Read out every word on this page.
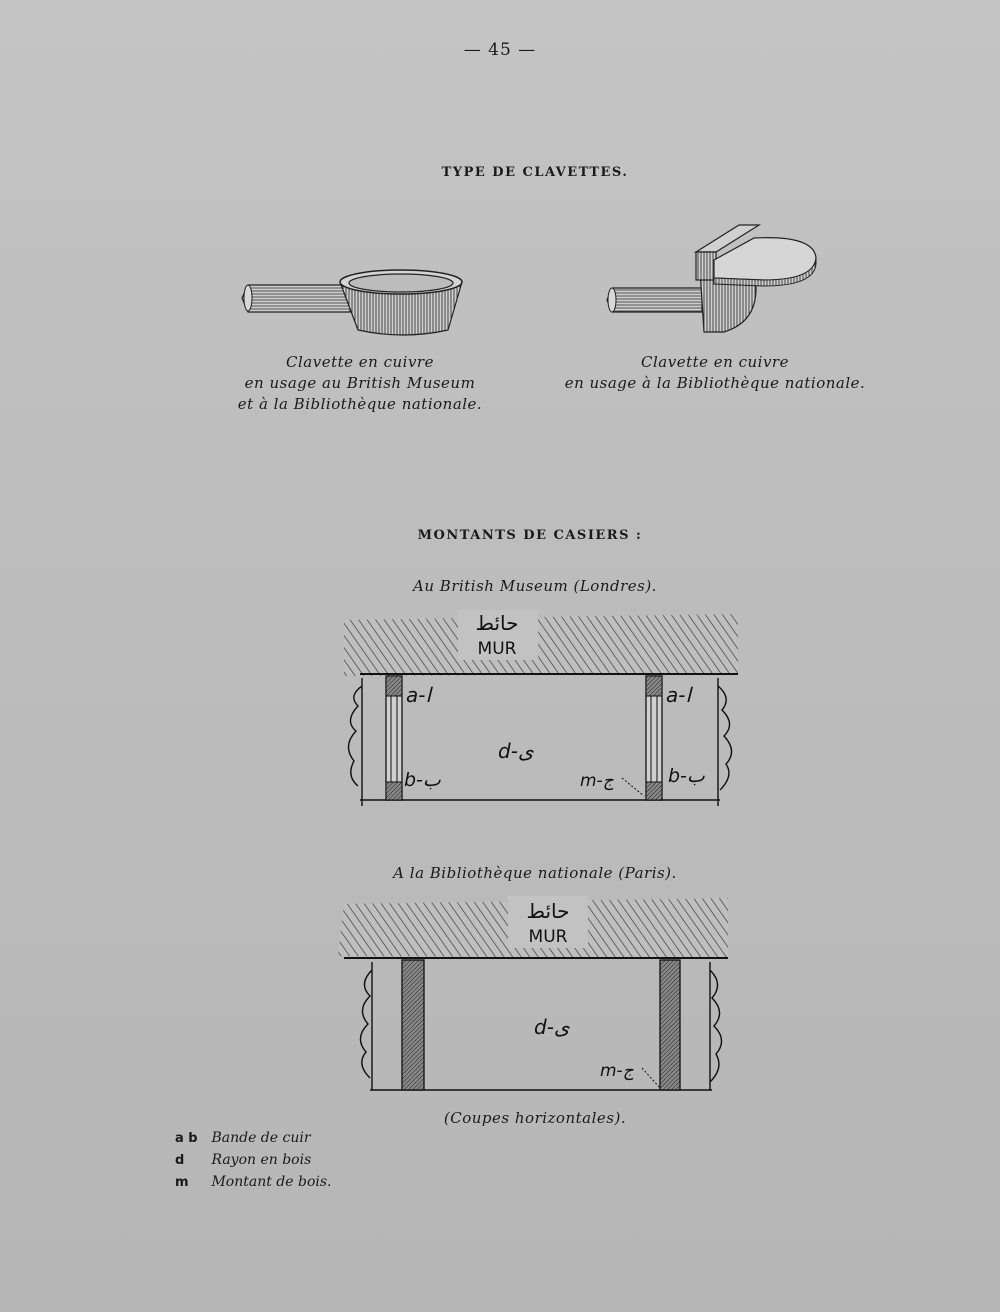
— 45 —
TYPE DE CLAVETTES.
Clavette en cuivre
en usage au British Museum
et à la Bibliothèque nationale.
Clavette en cuivre
en usage à la Bibliothèque nationale.
MONTANTS DE CASIERS :
Au British Museum (Londres).
حائط
MUR
a-ا	a-ا
d-ى
b-ب	b-ب
m-ج
A la Bibliothèque nationale (Paris).
حائط
MUR
d-ى
m-ج
(Coupes horizontales).
a b Bande de cuir
d Rayon en bois
m Montant de bois.
